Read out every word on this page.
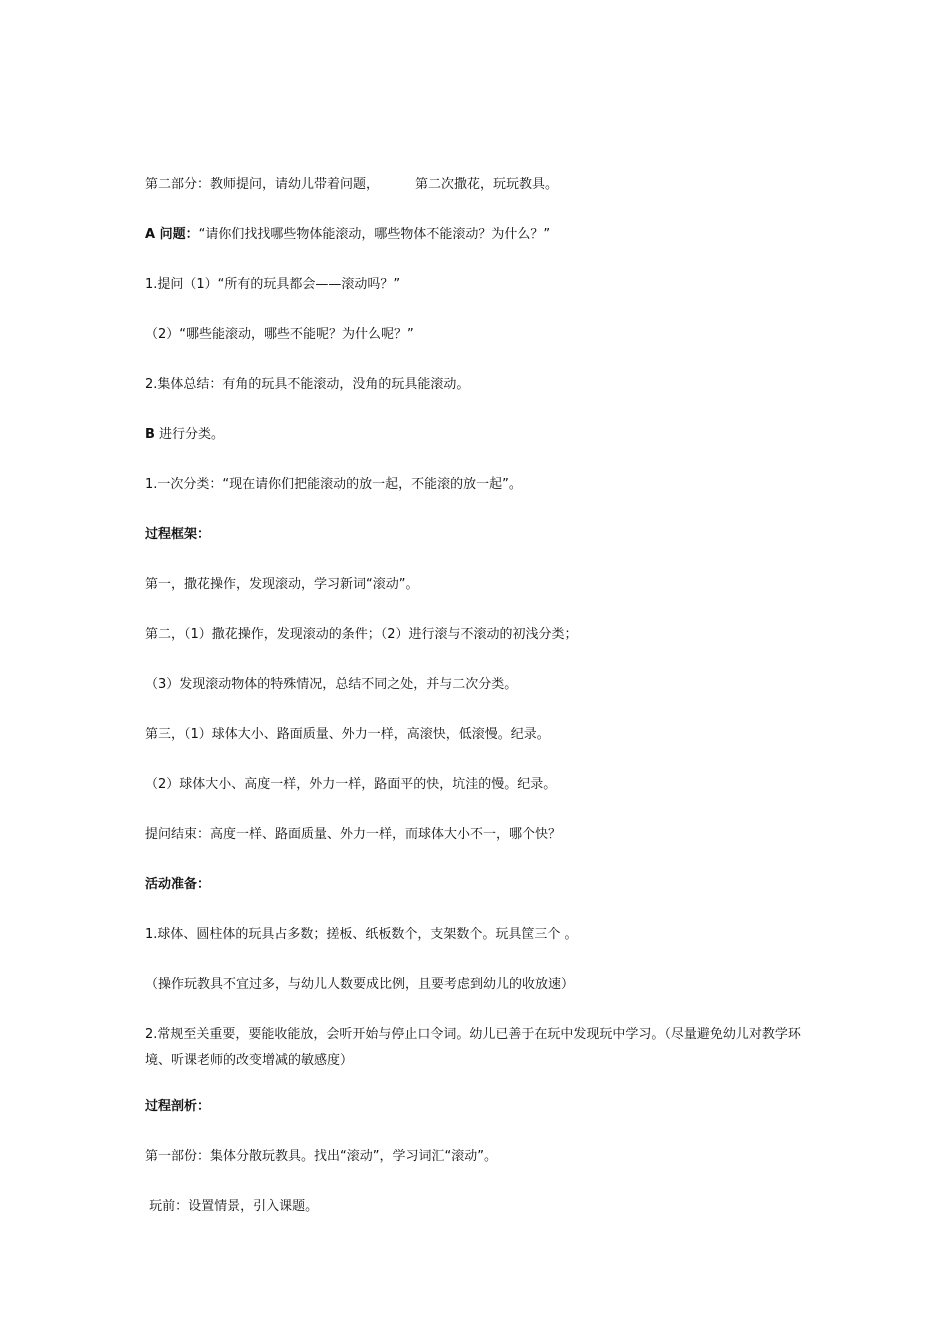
第二部分：教师提问，请幼儿带着问题，	第二次撒花，玩玩教具。
A 问题：“请你们找找哪些物体能滚动，哪些物体不能滚动？为什么？”
1.提问（1）“所有的玩具都会——滚动吗？”
（2）“哪些能滚动，哪些不能呢？为什么呢？”
2.集体总结：有角的玩具不能滚动，没角的玩具能滚动。
B 进行分类。
1.一次分类：“现在请你们把能滚动的放一起，不能滚的放一起”。
过程框架：
第一，撒花操作，发现滚动，学习新词“滚动”。
第二，（1）撒花操作，发现滚动的条件；（2）进行滚与不滚动的初浅分类；
（3）发现滚动物体的特殊情况，总结不同之处，并与二次分类。
第三，（1）球体大小、路面质量、外力一样，高滚快，低滚慢。纪录。
（2）球体大小、高度一样，外力一样，路面平的快，坑洼的慢。纪录。
提问结束：高度一样、路面质量、外力一样，而球体大小不一，哪个快？
活动准备：
1.球体、圆柱体的玩具占多数；搓板、纸板数个，支架数个。玩具筐三个 。
（操作玩教具不宜过多，与幼儿人数要成比例，且要考虑到幼儿的收放速）
2.常规至关重要，要能收能放，会听开始与停止口令词。幼儿已善于在玩中发现玩中学习。（尽量避免幼儿对教学环境、听课老师的改变增减的敏感度）
过程剖析：
第一部份：集体分散玩教具。找出“滚动”，学习词汇“滚动”。
玩前：设置情景，引入课题。
